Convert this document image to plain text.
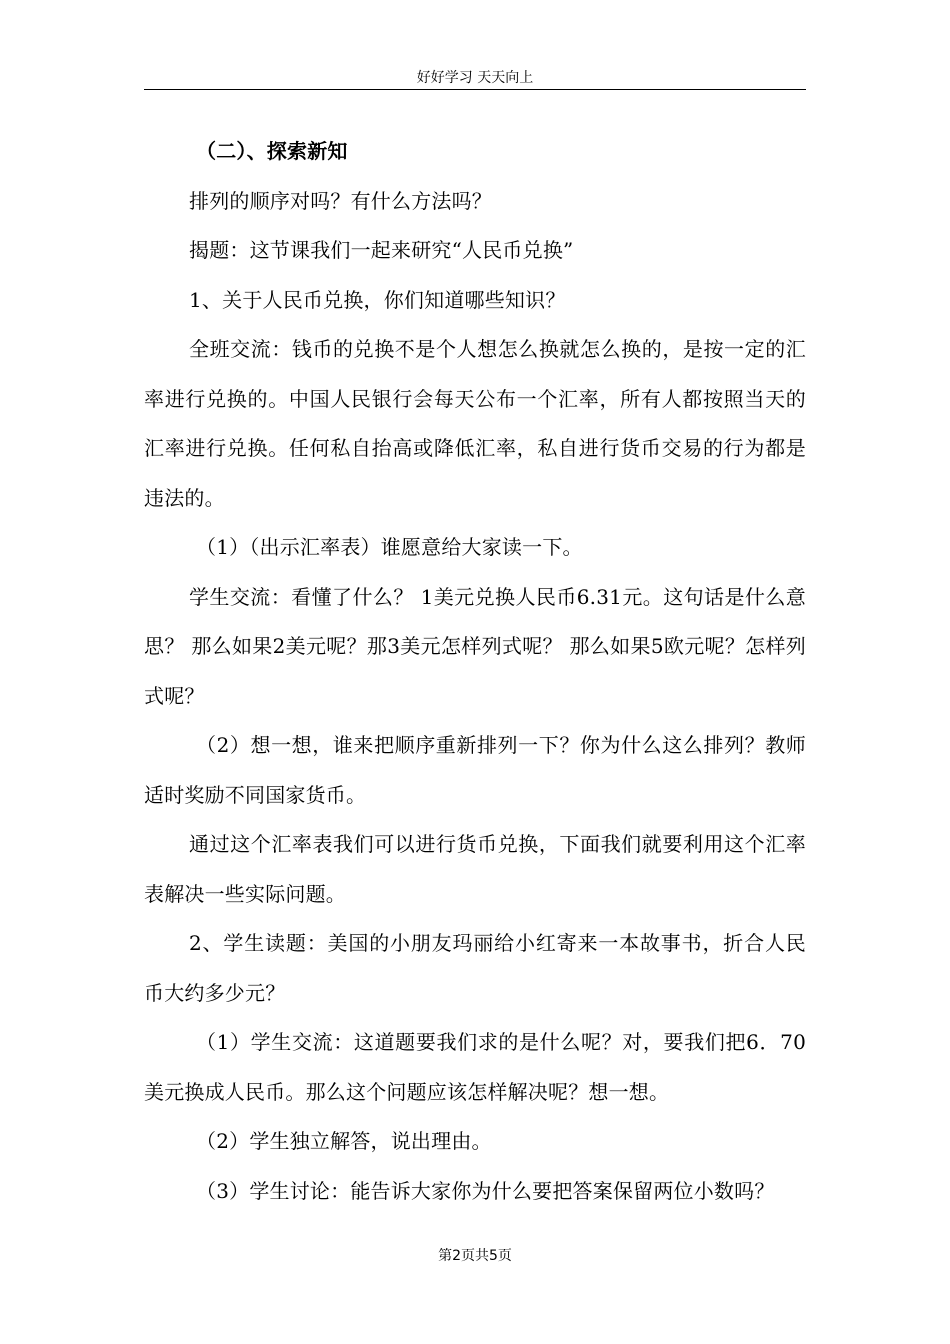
好好学习 天天向上

（二）、探索新知

排列的顺序对吗？有什么方法吗？

揭题：这节课我们一起来研究“人民币兑换”

1、关于人民币兑换，你们知道哪些知识？

全班交流：钱币的兑换不是个人想怎么换就怎么换的，是按一定的汇率进行兑换的。中国人民银行会每天公布一个汇率，所有人都按照当天的汇率进行兑换。任何私自抬高或降低汇率，私自进行货币交易的行为都是违法的。

（1）（出示汇率表）谁愿意给大家读一下。

学生交流：看懂了什么？ 1美元兑换人民币6.31元。这句话是什么意思？ 那么如果2美元呢？那3美元怎样列式呢？ 那么如果5欧元呢？怎样列式呢？

（2）想一想，谁来把顺序重新排列一下？你为什么这么排列？教师适时奖励不同国家货币。

通过这个汇率表我们可以进行货币兑换，下面我们就要利用这个汇率表解决一些实际问题。

2、学生读题：美国的小朋友玛丽给小红寄来一本故事书，折合人民币大约多少元？

（1）学生交流：这道题要我们求的是什么呢？对，要我们把6．70美元换成人民币。那么这个问题应该怎样解决呢？想一想。

（2）学生独立解答，说出理由。

（3）学生讨论：能告诉大家你为什么要把答案保留两位小数吗？

第2页共5页
